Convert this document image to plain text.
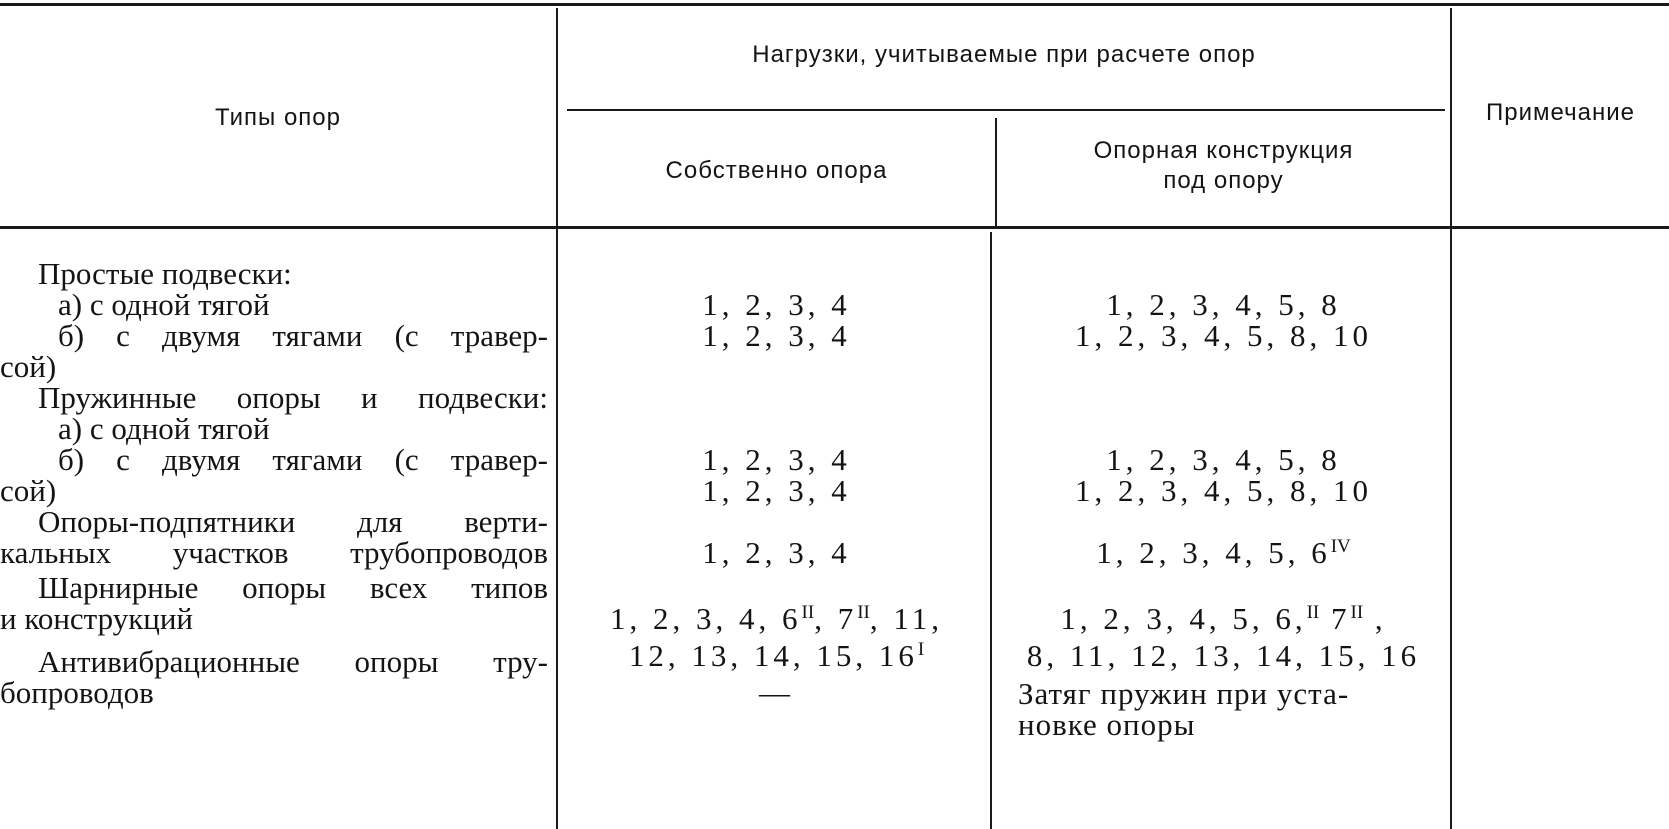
Типы опор
Нагрузки, учитываемые при расчете опор
Собственно опора
Опорная конструкция
под опору
Примечание
Простые подвески:
а) с одной тягой
б) с двумя тягами (с травер-
сой)
Пружинные опоры и подвески:
а) с одной тягой
б) с двумя тягами (с травер-
сой)
Опоры-подпятники для верти-
кальных участков трубопроводов
Шарнирные опоры всех типов
и конструкций
Антивибрационные опоры тру-
бопроводов
1, 2, 3, 4
1, 2, 3, 4
1, 2, 3, 4
1, 2, 3, 4
1, 2, 3, 4
1, 2, 3, 4, $6^{II}$, $7^{II}$, 11,
12, 13, 14, 15, $16^I$
—
1, 2, 3, 4, 5, 8
1, 2, 3, 4, 5, 8, 10
1, 2, 3, 4, 5, 8
1, 2, 3, 4, 5, 8, 10
1, 2, 3, 4, 5, $6^{IV}$
1, 2, 3, 4, 5, 6,$^{II}$ $7^{II}$ ,
8, 11, 12, 13, 14, 15, 16
Затяг пружин при уста-
новке опоры
